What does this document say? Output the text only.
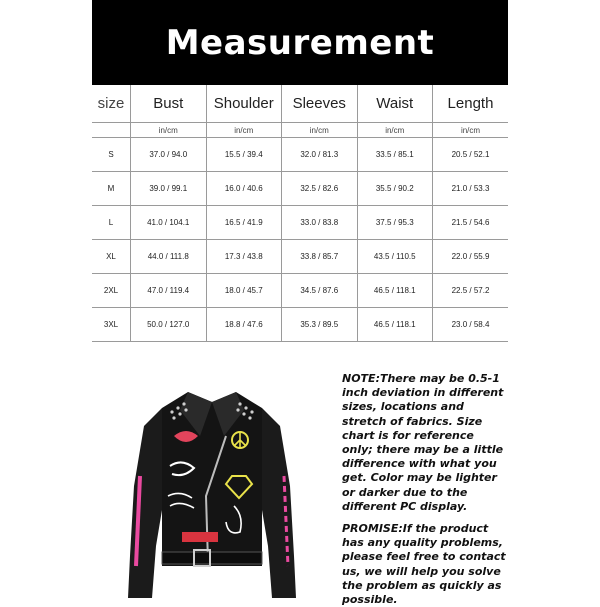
Measurement
size	Bust	Shoulder	Sleeves	Waist	Length
	in/cm	in/cm	in/cm	in/cm	in/cm
S	37.0 / 94.0	15.5 / 39.4	32.0 / 81.3	33.5 / 85.1	20.5 / 52.1
M	39.0 / 99.1	16.0 / 40.6	32.5 / 82.6	35.5 / 90.2	21.0 / 53.3
L	41.0 / 104.1	16.5 / 41.9	33.0 / 83.8	37.5 / 95.3	21.5 / 54.6
XL	44.0 / 111.8	17.3 / 43.8	33.8 / 85.7	43.5 / 110.5	22.0 / 55.9
2XL	47.0 / 119.4	18.0 / 45.7	34.5 / 87.6	46.5 / 118.1	22.5 / 57.2
3XL	50.0 / 127.0	18.8 / 47.6	35.3 / 89.5	46.5 / 118.1	23.0 / 58.4

NOTE:There may be 0.5-1 inch deviation in different sizes, locations and stretch of fabrics. Size chart is for reference only; there may be a little difference with what you get. Color may be lighter or darker due to the different PC display.

PROMISE:If the product has any quality problems, please feel free to contact us, we will help you solve the problem as quickly as possible.
